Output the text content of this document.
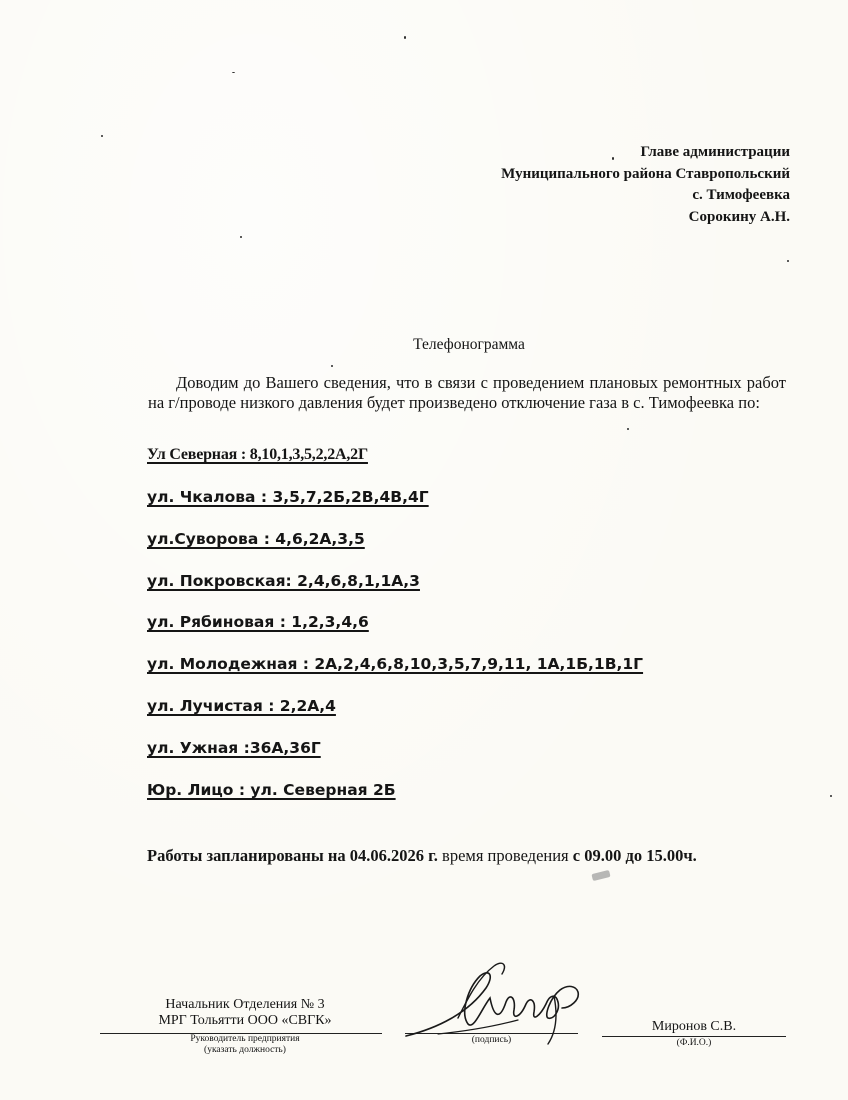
Главе администрации
Муниципального района Ставропольский
с. Тимофеевка
Сорокину А.Н.
Телефонограмма
Доводим до Вашего сведения, что в связи с проведением плановых ремонтных работ на г/проводе низкого давления будет произведено отключение газа в с. Тимофеевка по:
Ул Северная : 8,10,1,3,5,2,2А,2Г
ул. Чкалова : 3,5,7,2Б,2В,4В,4Г
ул.Суворова : 4,6,2А,3,5
ул. Покровская: 2,4,6,8,1,1А,3
ул. Рябиновая : 1,2,3,4,6
ул. Молодежная : 2А,2,4,6,8,10,3,5,7,9,11, 1А,1Б,1В,1Г
ул. Лучистая : 2,2А,4
ул. Ужная :36А,36Г
Юр. Лицо : ул. Северная 2Б
Работы запланированы на 04.06.2026 г. время проведения с 09.00 до 15.00ч.
Начальник Отделения № 3
МРГ Тольятти ООО «СВГК»
Руководитель предприятия
(указать должность)
(подпись)
Миронов С.В.
(Ф.И.О.)
